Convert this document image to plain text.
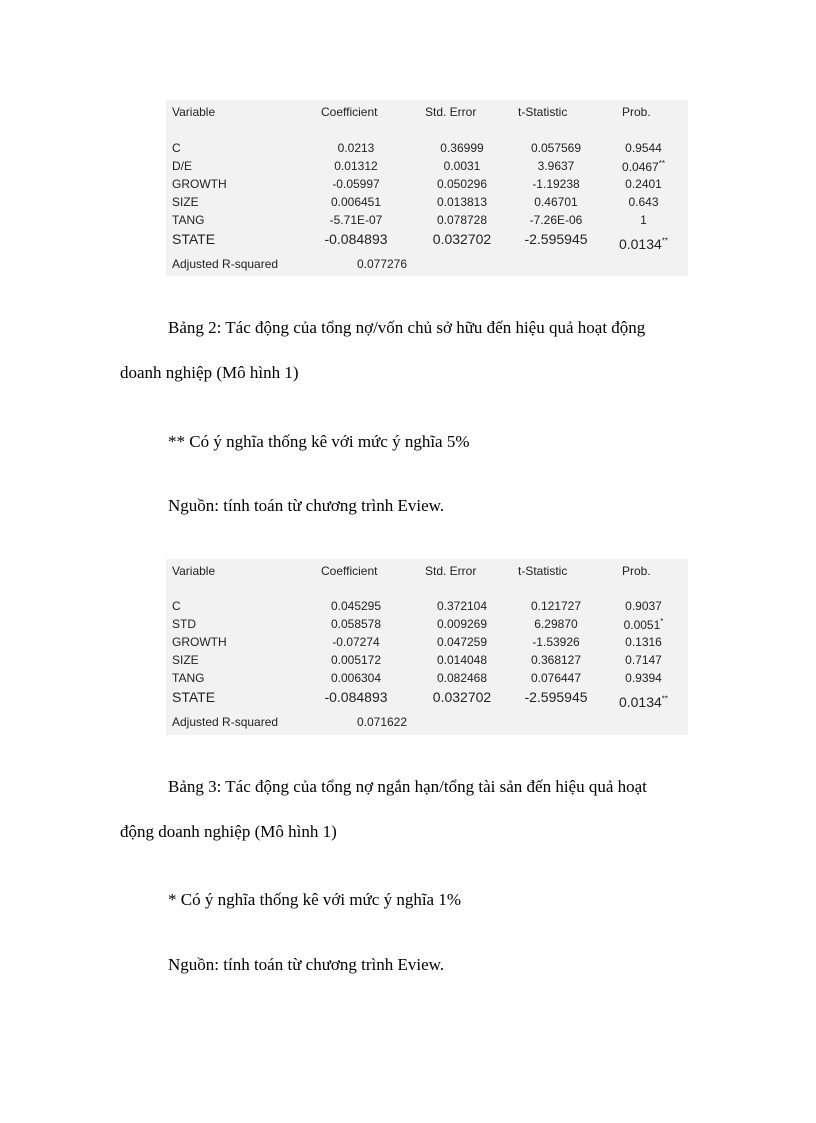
Variable	Coefficient	Std. Error	t-Statistic	Prob.
C	0.0213	0.36999	0.057569	0.9544
D/E	0.01312	0.0031	3.9637	0.0467**
GROWTH	-0.05997	0.050296	-1.19238	0.2401
SIZE	0.006451	0.013813	0.46701	0.643
TANG	-5.71E-07	0.078728	-7.26E-06	1
STATE	-0.084893	0.032702	-2.595945	0.0134**
Adjusted R-squared	0.077276
Bảng 2: Tác động của tổng nợ/vốn chủ sở hữu đến hiệu quả hoạt động
doanh nghiệp (Mô hình 1)
** Có ý nghĩa thống kê với mức ý nghĩa 5%
Nguồn: tính toán từ chương trình Eview.
Variable	Coefficient	Std. Error	t-Statistic	Prob.
C	0.045295	0.372104	0.121727	0.9037
STD	0.058578	0.009269	6.29870	0.0051*
GROWTH	-0.07274	0.047259	-1.53926	0.1316
SIZE	0.005172	0.014048	0.368127	0.7147
TANG	0.006304	0.082468	0.076447	0.9394
STATE	-0.084893	0.032702	-2.595945	0.0134**
Adjusted R-squared	0.071622
Bảng 3: Tác động của tổng nợ ngắn hạn/tổng tài sản đến hiệu quả hoạt
động doanh nghiệp (Mô hình 1)
* Có ý nghĩa thống kê với mức ý nghĩa 1%
Nguồn: tính toán từ chương trình Eview.
